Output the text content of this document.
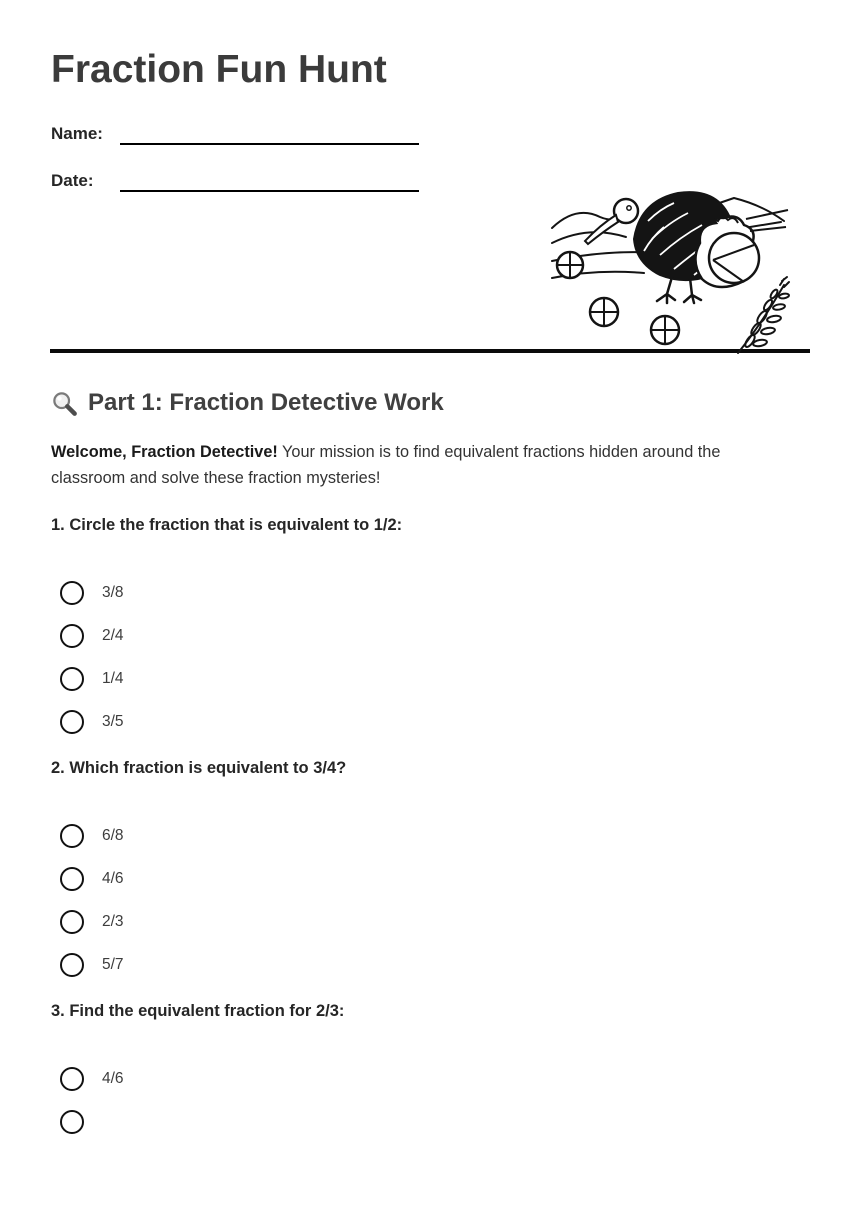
Fraction Fun Hunt
Name:
Date:
Part 1: Fraction Detective Work

Welcome, Fraction Detective! Your mission is to find equivalent fractions hidden around the classroom and solve these fraction mysteries!

1. Circle the fraction that is equivalent to 1/2:
3/8
2/4
1/4
3/5
2. Which fraction is equivalent to 3/4?
6/8
4/6
2/3
5/7
3. Find the equivalent fraction for 2/3:
4/6
